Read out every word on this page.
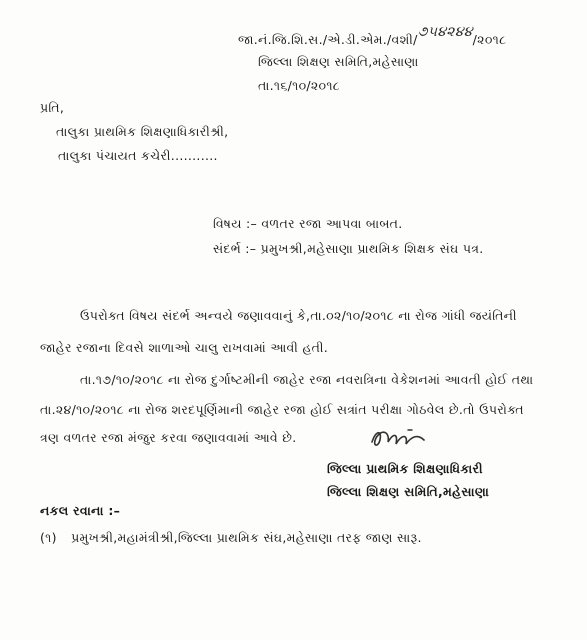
જા.નં.જિ.શિ.સ./એ.ડી.એમ./વશી/૭૫૪૨૪૪/૨૦૧૮
જિલ્લા શિક્ષણ સમિતિ,મહેસાણા
તા.૧૬/૧૦/૨૦૧૮
પ્રતિ,
તાલુકા પ્રાથમિક શિક્ષણાધિકારીશ્રી,
તાલુકા પંચાયત કચેરી...........
વિષય :– વળતર રજા આપવા બાબત.
સંદર્ભ :– પ્રમુખશ્રી,મહેસાણા પ્રાથમિક શિક્ષક સંઘ પત્ર.
ઉપરોક્ત વિષય સંદર્ભ અન્વયે જણાવવાનું કે,તા.૦૨/૧૦/૨૦૧૮ ના રોજ ગાંધી જયંતિની
જાહેર રજાના દિવસે શાળાઓ ચાલુ રાખવામાં આવી હતી.
તા.૧૭/૧૦/૨૦૧૮ ના રોજ દુર્ગાષ્ટમીની જાહેર રજા નવરાત્રિના વેકેશનમાં આવતી હોઈ તથા
તા.૨૪/૧૦/૨૦૧૮ ના રોજ શરદપૂર્ણિમાની જાહેર રજા હોઈ સત્રાંત પરીક્ષા ગોઠવેલ છે.તો ઉપરોક્ત
ત્રણ વળતર રજા મંજુર કરવા જણાવવામાં આવે છે.
જિલ્લા પ્રાથમિક શિક્ષણાધિકારી
જિલ્લા શિક્ષણ સમિતિ,મહેસાણા
નકલ રવાના :–
(૧) પ્રમુખશ્રી,મહામંત્રીશ્રી,જિલ્લા પ્રાથમિક સંઘ,મહેસાણા તરફ જાણ સારૂ.
